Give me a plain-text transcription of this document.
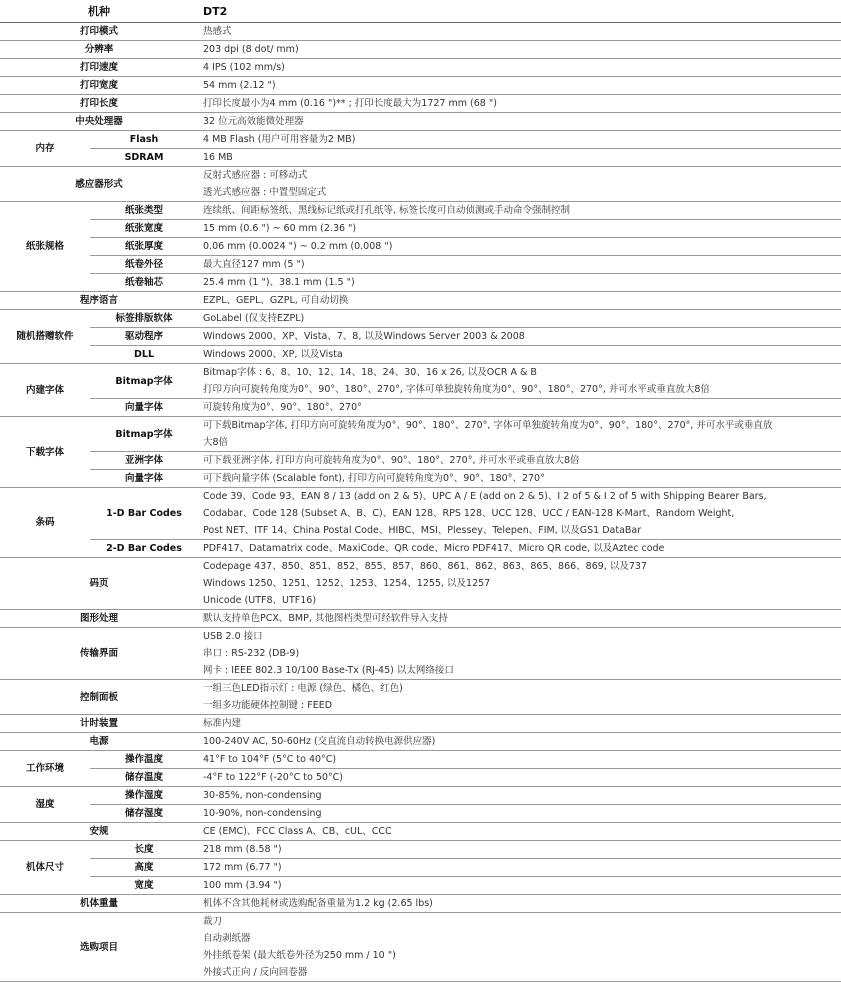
机种		DT2
打印模式		热感式

分辨率		203 dpi (8 dot/ mm)

打印速度		4 IPS (102 mm/s)

打印宽度		54 mm (2.12 ")

打印长度		打印长度最小为4 mm (0.16 ")** ; 打印长度最大为1727 mm (68 ")

中央处理器		32 位元高效能微处理器

内存	Flash	4 MB Flash (用户可用容量为2 MB)

	SDRAM	16 MB

感应器形式		反射式感应器 : 可移动式
透光式感应器 : 中置型固定式

纸张规格	纸张类型	连续纸、间距标签纸、黑线标记纸或打孔纸等, 标签长度可自动侦测或手动命令强制控制

	纸张宽度	15 mm (0.6 ") ~ 60 mm (2.36 ")

	纸张厚度	0.06 mm (0.0024 ") ~ 0.2 mm (0.008 ")

	纸卷外径	最大直径127 mm (5 ")

	纸卷轴芯	25.4 mm (1 ")、38.1 mm (1.5 ")

程序语言		EZPL、GEPL、GZPL, 可自动切换

随机搭赠软件	标签排版软体	GoLabel (仅支持EZPL)

	驱动程序	Windows 2000、XP、Vista、7、8, 以及Windows Server 2003 & 2008

	DLL	Windows 2000、XP, 以及Vista

内建字体	Bitmap字体	Bitmap字体 : 6、8、10、12、14、18、24、30、16 x 26, 以及OCR A & B
打印方向可旋转角度为0°、90°、180°、270°, 字体可单独旋转角度为0°、90°、180°、270°, 并可水平或垂直放大8倍

	向量字体	可旋转角度为0°、90°、180°、270°

下载字体	Bitmap字体	可下载Bitmap字体, 打印方向可旋转角度为0°、90°、180°、270°, 字体可单独旋转角度为0°、90°、180°、270°, 并可水平或垂直放
大8倍

	亚洲字体	可下载亚洲字体, 打印方向可旋转角度为0°、90°、180°、270°, 并可水平或垂直放大8倍

	向量字体	可下载向量字体 (Scalable font), 打印方向可旋转角度为0°、90°、180°、270°

条码	1-D Bar Codes	Code 39、Code 93、EAN 8 / 13 (add on 2 & 5)、UPC A / E (add on 2 & 5)、I 2 of 5 & I 2 of 5 with Shipping Bearer Bars,
Codabar、Code 128 (Subset A、B、C)、EAN 128、RPS 128、UCC 128、UCC / EAN-128 K-Mart、Random Weight,
Post NET、ITF 14、China Postal Code、HIBC、MSI、Plessey、Telepen、FIM, 以及GS1 DataBar

	2-D Bar Codes	PDF417、Datamatrix code、MaxiCode、QR code、Micro PDF417、Micro QR code, 以及Aztec code

码页		Codepage 437、850、851、852、855、857、860、861、862、863、865、866、869, 以及737
Windows 1250、1251、1252、1253、1254、1255, 以及1257
Unicode (UTF8、UTF16)

图形处理		默认支持单色PCX、BMP, 其他图档类型可经软件导入支持

传输界面		USB 2.0 接口
串口 : RS-232 (DB-9)
网卡 : IEEE 802.3 10/100 Base-Tx (RJ-45) 以太网络接口

控制面板		一组三色LED指示灯 : 电源 (绿色、橘色、红色)
一组多功能硬体控制键 : FEED

计时装置		标准内建

电源		100-240V AC, 50-60Hz (交直流自动转换电源供应器)

工作环境	操作温度	41°F to 104°F (5°C to 40°C)

	储存温度	-4°F to 122°F (-20°C to 50°C)

湿度	操作湿度	30-85%, non-condensing

	储存湿度	10-90%, non-condensing

安规		CE (EMC)、FCC Class A、CB、cUL、CCC

机体尺寸	长度	218 mm (8.58 ")

	高度	172 mm (6.77 ")

	宽度	100 mm (3.94 ")

机体重量		机体不含其他耗材或选购配备重量为1.2 kg (2.65 lbs)

选购项目		裁刀
自动剥纸器
外挂纸卷架 (最大纸卷外径为250 mm / 10 ")
外接式正向 / 反向回卷器
